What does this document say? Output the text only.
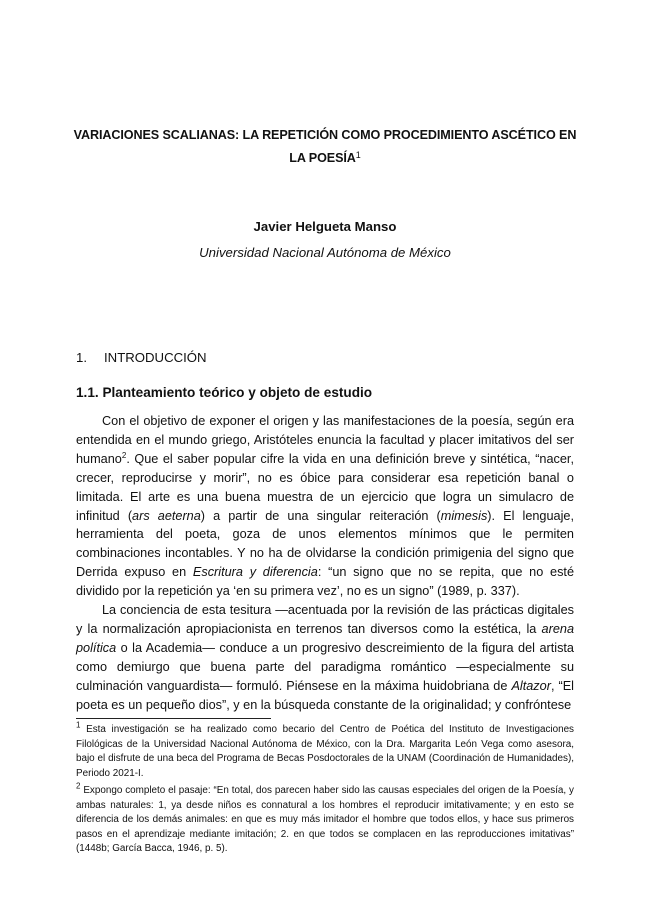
VARIACIONES SCALIANAS: LA REPETICIÓN COMO PROCEDIMIENTO ASCÉTICO EN LA POESÍA$^1$
Javier Helgueta Manso
Universidad Nacional Autónoma de México
1. INTRODUCCIÓN
1.1. Planteamiento teórico y objeto de estudio

Con el objetivo de exponer el origen y las manifestaciones de la poesía, según era entendida en el mundo griego, Aristóteles enuncia la facultad y placer imitativos del ser humano$^2$. Que el saber popular cifre la vida en una definición breve y sintética, “nacer, crecer, reproducirse y morir”, no es óbice para considerar esa repetición banal o limitada. El arte es una buena muestra de un ejercicio que logra un simulacro de infinitud (ars aeterna) a partir de una singular reiteración (mimesis). El lenguaje, herramienta del poeta, goza de unos elementos mínimos que le permiten combinaciones incontables. Y no ha de olvidarse la condición primigenia del signo que Derrida expuso en Escritura y diferencia: “un signo que no se repita, que no esté dividido por la repetición ya ‘en su primera vez’, no es un signo” (1989, p. 337).

La conciencia de esta tesitura —acentuada por la revisión de las prácticas digitales y la normalización apropiacionista en terrenos tan diversos como la estética, la arena política o la Academia— conduce a un progresivo descreimiento de la figura del artista como demiurgo que buena parte del paradigma romántico —especialmente su culminación vanguardista— formuló. Piénsese en la máxima huidobriana de Altazor, “El poeta es un pequeño dios”, y en la búsqueda constante de la originalidad; y confróntese

$^1$ Esta investigación se ha realizado como becario del Centro de Poética del Instituto de Investigaciones Filológicas de la Universidad Nacional Autónoma de México, con la Dra. Margarita León Vega como asesora, bajo el disfrute de una beca del Programa de Becas Posdoctorales de la UNAM (Coordinación de Humanidades), Periodo 2021-I.

$^2$ Expongo completo el pasaje: “En total, dos parecen haber sido las causas especiales del origen de la Poesía, y ambas naturales: 1, ya desde niños es connatural a los hombres el reproducir imitativamente; y en esto se diferencia de los demás animales: en que es muy más imitador el hombre que todos ellos, y hace sus primeros pasos en el aprendizaje mediante imitación; 2. en que todos se complacen en las reproducciones imitativas” (1448b; García Bacca, 1946, p. 5).
